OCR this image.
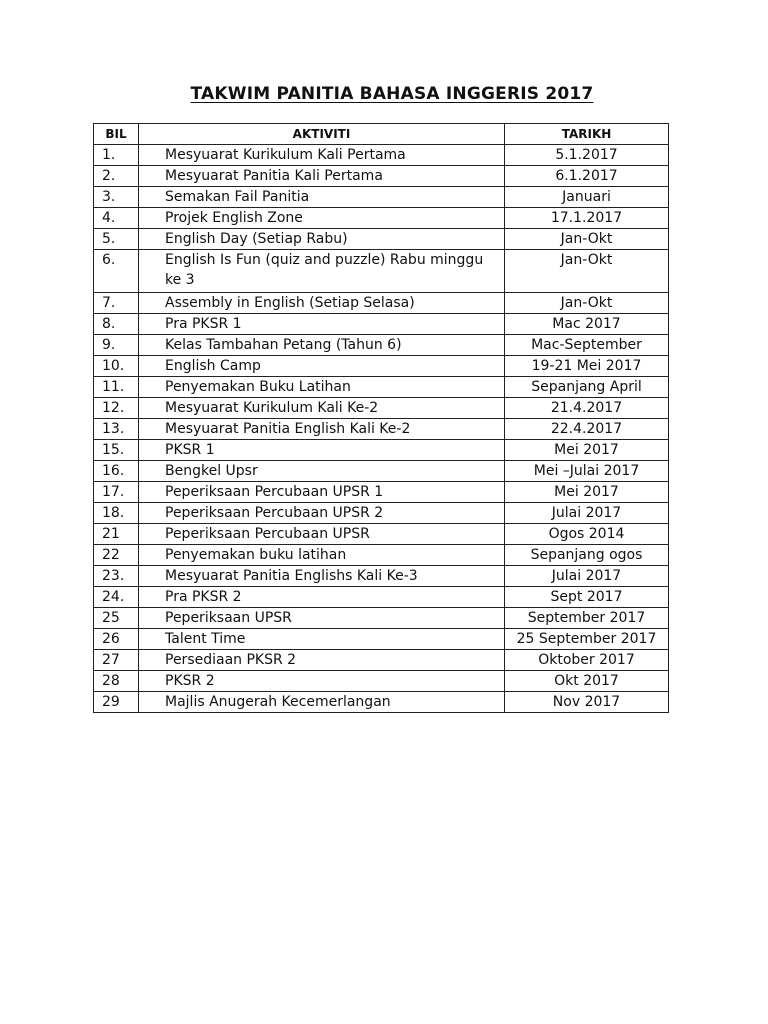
TAKWIM PANITIA BAHASA INGGERIS 2017
BIL	AKTIVITI	TARIKH
1.	Mesyuarat Kurikulum Kali Pertama	5.1.2017
2.	Mesyuarat Panitia Kali Pertama	6.1.2017
3.	Semakan Fail Panitia	Januari
4.	Projek English Zone	17.1.2017
5.	English Day (Setiap Rabu)	Jan-Okt
6.	English Is Fun (quiz and puzzle) Rabu minggu ke 3	Jan-Okt
7.	Assembly in English (Setiap Selasa)	Jan-Okt
8.	Pra PKSR 1	Mac 2017
9.	Kelas Tambahan Petang (Tahun 6)	Mac-September
10.	English Camp	19-21 Mei 2017
11.	Penyemakan Buku Latihan	Sepanjang April
12.	Mesyuarat Kurikulum Kali Ke-2	21.4.2017
13.	Mesyuarat Panitia English Kali Ke-2	22.4.2017
15.	PKSR 1	Mei 2017
16.	Bengkel Upsr	Mei –Julai 2017
17.	Peperiksaan Percubaan UPSR 1	Mei 2017
18.	Peperiksaan Percubaan UPSR 2	Julai 2017
21	Peperiksaan Percubaan UPSR	Ogos 2014
22	Penyemakan buku latihan	Sepanjang ogos
23.	Mesyuarat Panitia Englishs Kali Ke-3	Julai 2017
24.	Pra PKSR 2	Sept 2017
25	Peperiksaan UPSR	September 2017
26	Talent Time	25 September 2017
27	Persediaan PKSR 2	Oktober 2017
28	PKSR 2	Okt 2017
29	Majlis Anugerah Kecemerlangan	Nov 2017
